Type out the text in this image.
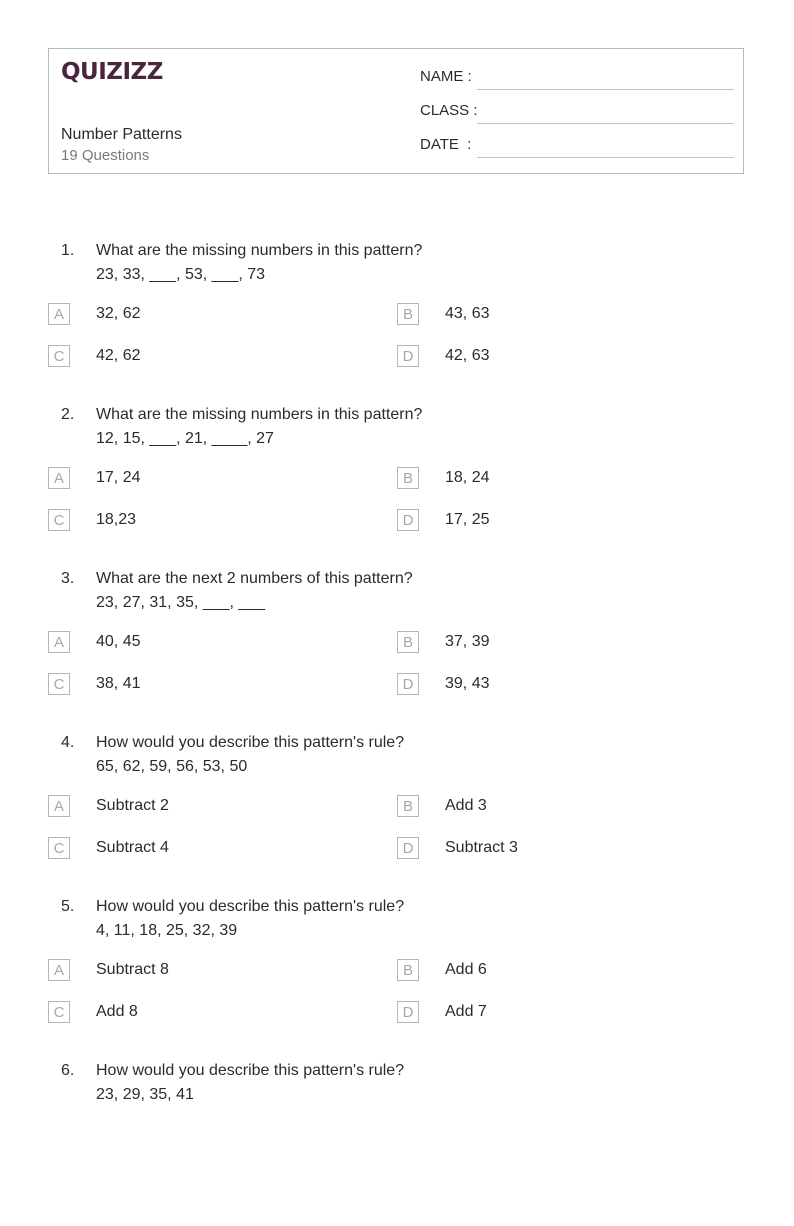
QUIZIZZ
Number Patterns
19 Questions
NAME :
CLASS :
DATE  :
1. What are the missing numbers in this pattern?
23, 33, ___, 53, ___, 73
A	32, 62	B	43, 63
C	42, 62	D	42, 63
2. What are the missing numbers in this pattern?
12, 15, ___, 21, ____, 27
A	17, 24	B	18, 24
C	18,23	D	17, 25
3. What are the next 2 numbers of this pattern?
23, 27, 31, 35, ___, ___
A	40, 45	B	37, 39
C	38, 41	D	39, 43
4. How would you describe this pattern's rule?
65, 62, 59, 56, 53, 50
A	Subtract 2	B	Add 3
C	Subtract 4	D	Subtract 3
5. How would you describe this pattern's rule?
4, 11, 18, 25, 32, 39
A	Subtract 8	B	Add 6
C	Add 8	D	Add 7
6. How would you describe this pattern's rule?
23, 29, 35, 41
